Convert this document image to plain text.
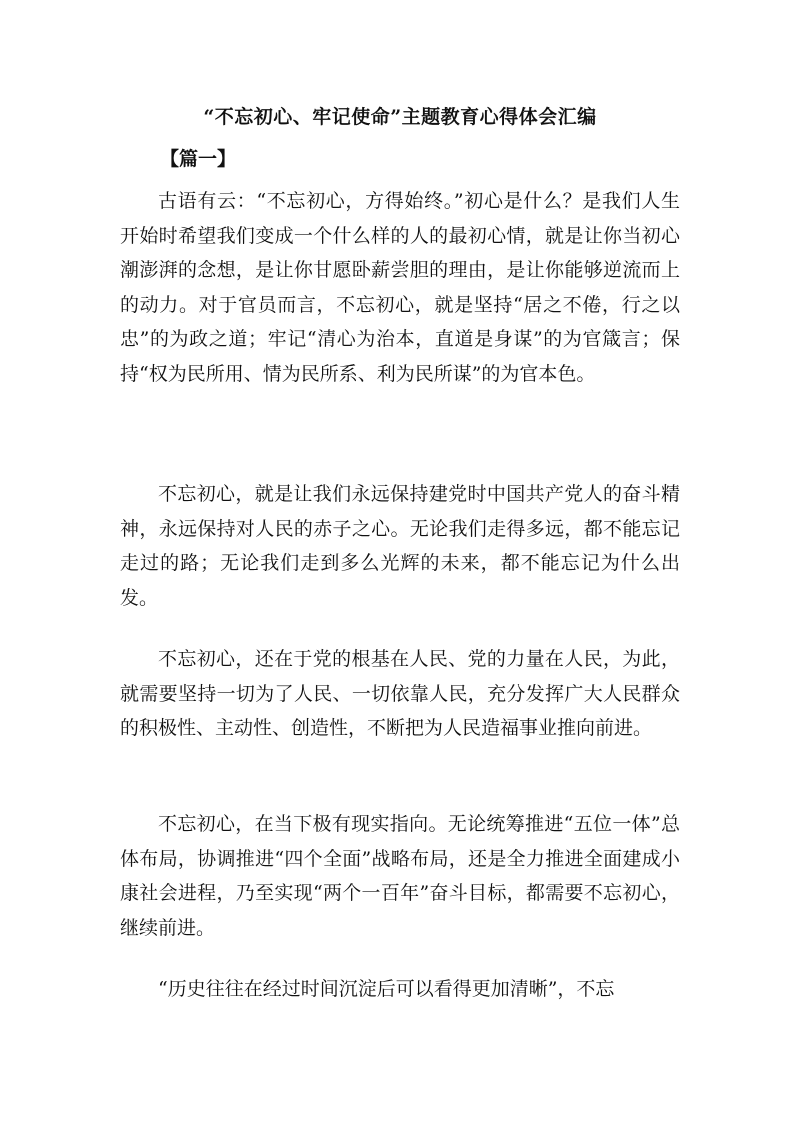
“不忘初心、牢记使命”主题教育心得体会汇编
【篇一】

古语有云：“不忘初心，方得始终。”初心是什么？是我们人生开始时希望我们变成一个什么样的人的最初心情，就是让你当初心潮澎湃的念想，是让你甘愿卧薪尝胆的理由，是让你能够逆流而上的动力。对于官员而言，不忘初心，就是坚持“居之不倦，行之以忠”的为政之道；牢记“清心为治本，直道是身谋”的为官箴言；保持“权为民所用、情为民所系、利为民所谋”的为官本色。

不忘初心，就是让我们永远保持建党时中国共产党人的奋斗精神，永远保持对人民的赤子之心。无论我们走得多远，都不能忘记走过的路；无论我们走到多么光辉的未来，都不能忘记为什么出发。

不忘初心，还在于党的根基在人民、党的力量在人民，为此，就需要坚持一切为了人民、一切依靠人民，充分发挥广大人民群众的积极性、主动性、创造性，不断把为人民造福事业推向前进。

不忘初心，在当下极有现实指向。无论统筹推进“五位一体”总体布局，协调推进“四个全面”战略布局，还是全力推进全面建成小康社会进程，乃至实现“两个一百年”奋斗目标，都需要不忘初心，继续前进。

“历史往往在经过时间沉淀后可以看得更加清晰”，不忘
